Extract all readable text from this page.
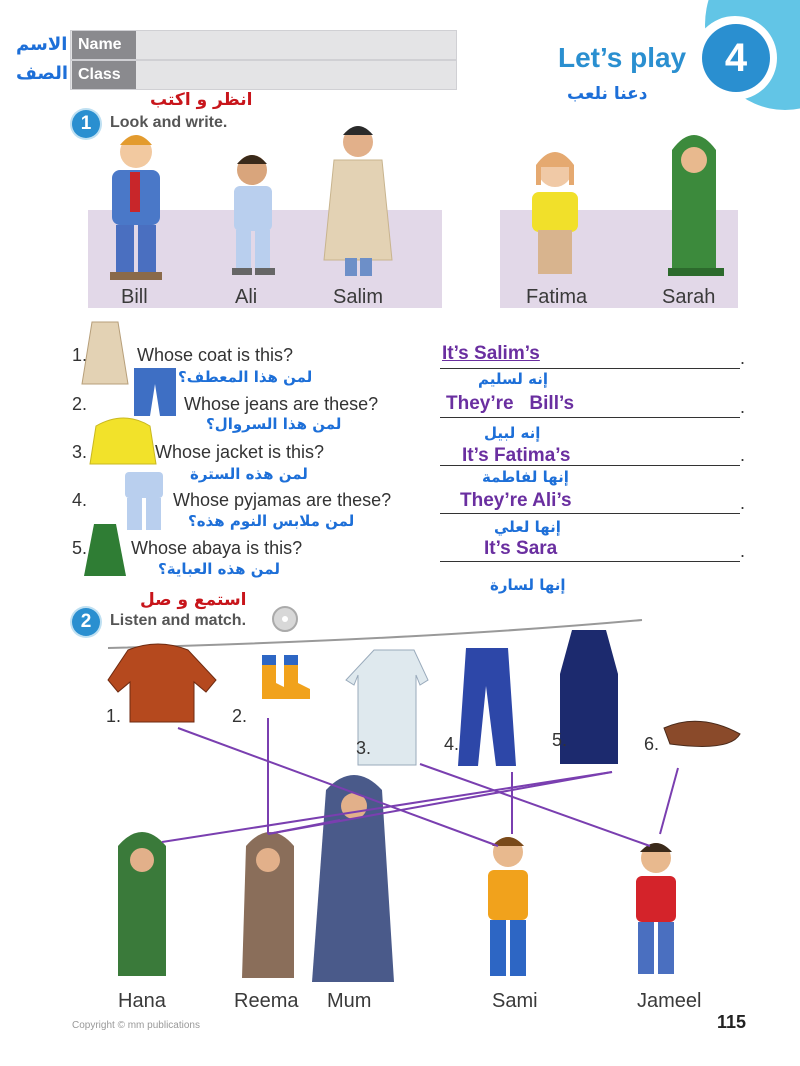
Name
Class
الاسم
الصف	4
Let’s play
دعنا نلعب
انظر و اكتب
1	Look and write.
Bill	Ali	Salim	Fatima	Sarah
1.	Whose coat is this?
لمن هذا المعطف؟
It’s Salim’s	.
إنه لسليم
2.	Whose jeans are these?
لمن هذا السروال؟
They’re   Bill’s	.
إنه لبيل
3.	Whose jacket is this?
لمن هذه السترة
It’s Fatima’s	.
إنها لفاطمة
4.	Whose pyjamas are these?
لمن ملابس النوم هذه؟
They’re Ali’s	.
إنها لعلي
5. Whose abaya is this?
لمن هذه العباية؟
It’s Sara	.
إنها لسارة
استمع و صل
2	Listen and match.
1.	2.
3.	4.	5.	6.
Hana	Reema Mum	Sami	Jameel
Copyright © mm publications	115
